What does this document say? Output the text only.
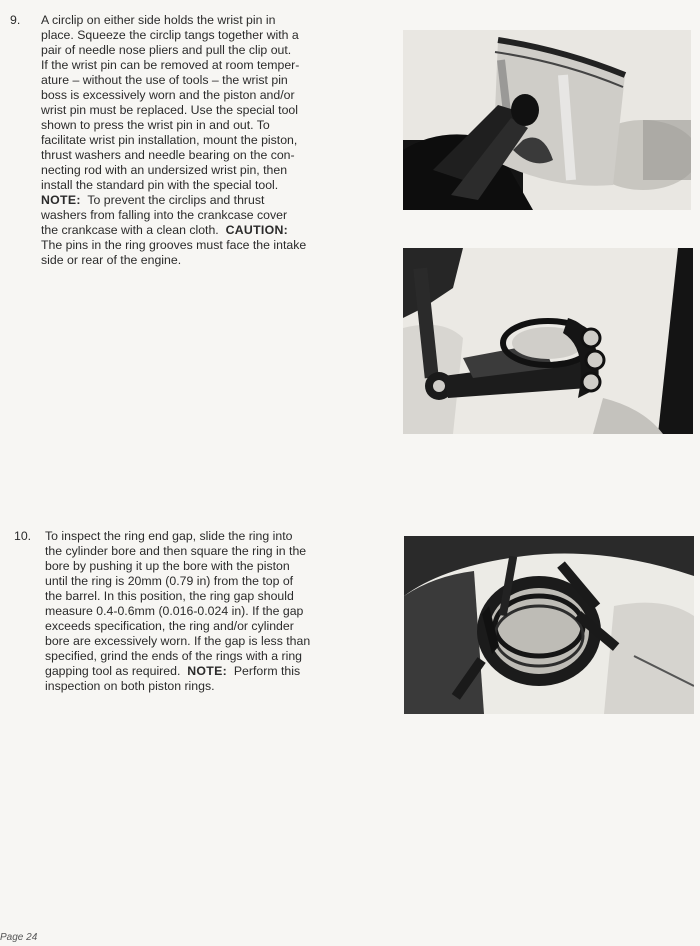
9. A circlip on either side holds the wrist pin in
place. Squeeze the circlip tangs together with a
pair of needle nose pliers and pull the clip out.
If the wrist pin can be removed at room temper-
ature – without the use of tools – the wrist pin
boss is excessively worn and the piston and/or
wrist pin must be replaced. Use the special tool
shown to press the wrist pin in and out. To
facilitate wrist pin installation, mount the piston,
thrust washers and needle bearing on the con-
necting rod with an undersized wrist pin, then
install the standard pin with the special tool.
NOTE: To prevent the circlips and thrust
washers from falling into the crankcase cover
the crankcase with a clean cloth. CAUTION:
The pins in the ring grooves must face the intake
side or rear of the engine.
10. To inspect the ring end gap, slide the ring into
the cylinder bore and then square the ring in the
bore by pushing it up the bore with the piston
until the ring is 20mm (0.79 in) from the top of
the barrel. In this position, the ring gap should
measure 0.4-0.6mm (0.016-0.024 in). If the gap
exceeds specification, the ring and/or cylinder
bore are excessively worn. If the gap is less than
specified, grind the ends of the rings with a ring
gapping tool as required. NOTE: Perform this
inspection on both piston rings.
Page 24
